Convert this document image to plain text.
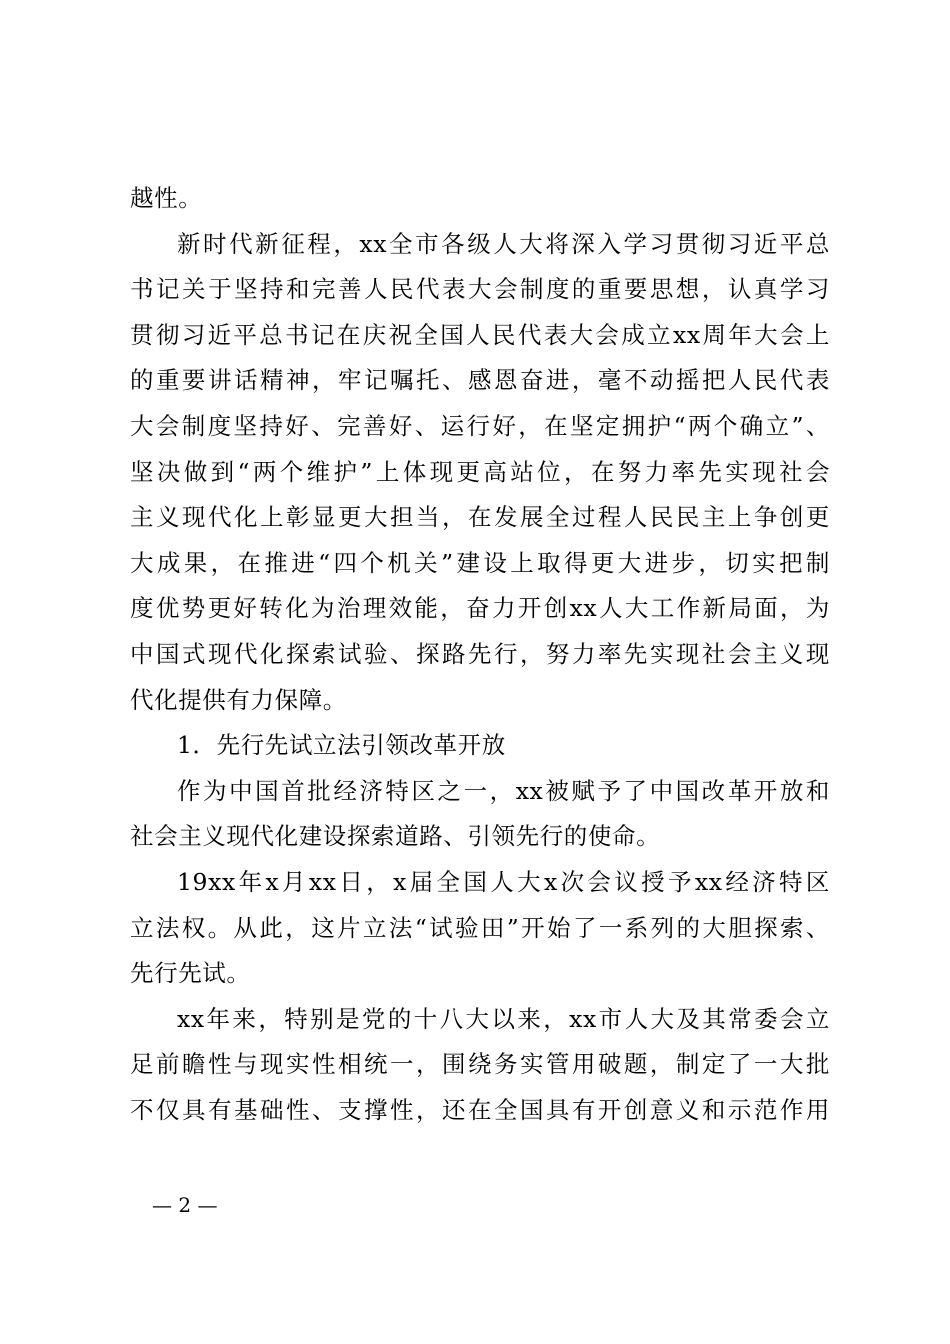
越性。
新时代新征程，xx全市各级人大将深入学习贯彻习近平总
书记关于坚持和完善人民代表大会制度的重要思想，认真学习
贯彻习近平总书记在庆祝全国人民代表大会成立xx周年大会上
的重要讲话精神，牢记嘱托、感恩奋进，毫不动摇把人民代表
大会制度坚持好、完善好、运行好，在坚定拥护“两个确立”、
坚决做到“两个维护”上体现更高站位，在努力率先实现社会
主义现代化上彰显更大担当，在发展全过程人民民主上争创更
大成果，在推进“四个机关”建设上取得更大进步，切实把制
度优势更好转化为治理效能，奋力开创xx人大工作新局面，为
中国式现代化探索试验、探路先行，努力率先实现社会主义现
代化提供有力保障。
1．先行先试立法引领改革开放
作为中国首批经济特区之一，xx被赋予了中国改革开放和
社会主义现代化建设探索道路、引领先行的使命。
19xx年x月xx日，x届全国人大x次会议授予xx经济特区
立法权。从此，这片立法“试验田”开始了一系列的大胆探索、
先行先试。
xx年来，特别是党的十八大以来，xx市人大及其常委会立
足前瞻性与现实性相统一，围绕务实管用破题，制定了一大批
不仅具有基础性、支撑性，还在全国具有开创意义和示范作用
— 2 —
